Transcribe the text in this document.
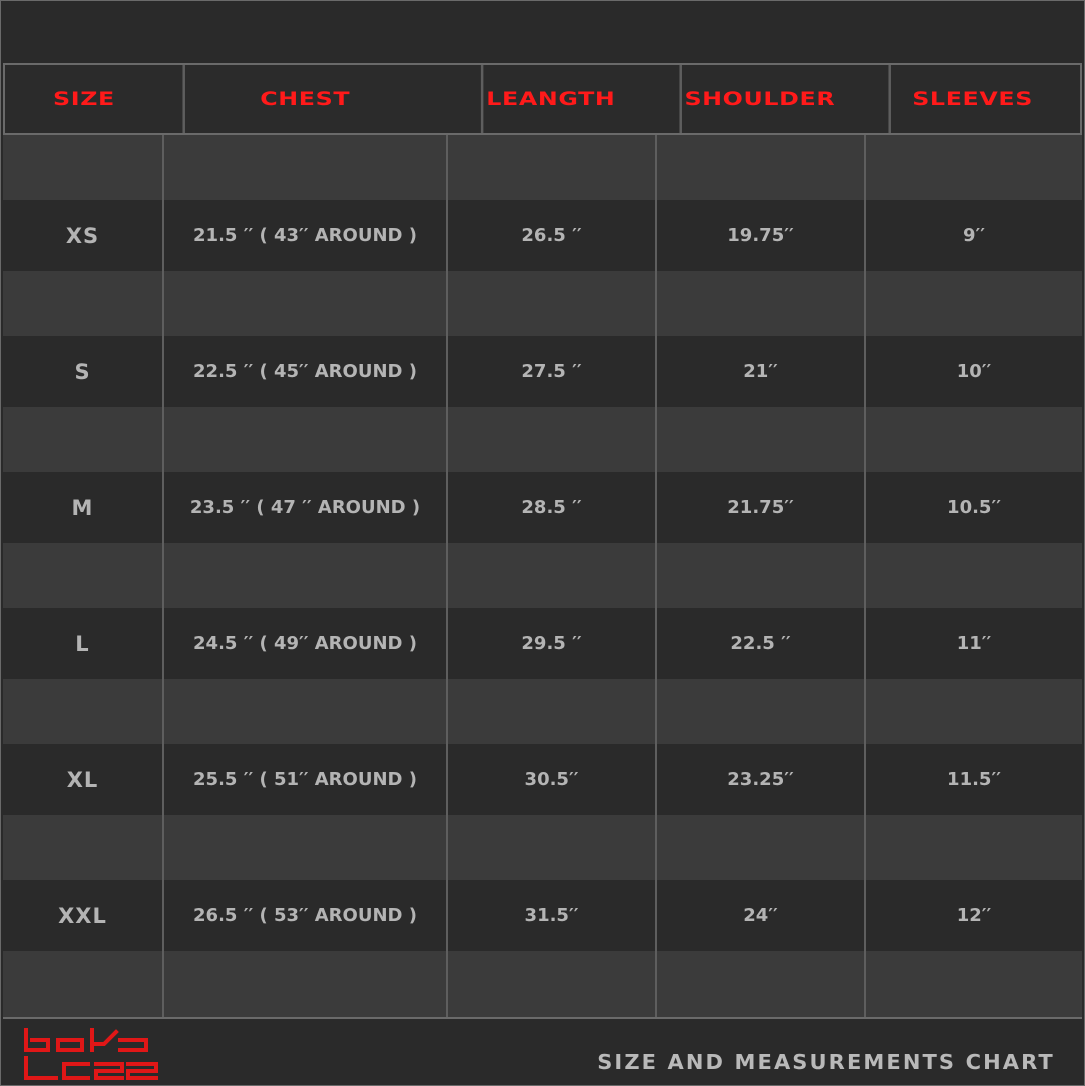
SIZE	CHEST	LEANGTH	SHOULDER	SLEEVES
XS	21.5 ′′ ( 43′′ AROUND )	26.5 ′′	19.75′′	9′′
S	22.5 ′′ ( 45′′ AROUND )	27.5 ′′	21′′	10′′
M	23.5 ′′ ( 47 ′′ AROUND )	28.5 ′′	21.75′′	10.5′′
L	24.5 ′′ ( 49′′ AROUND )	29.5 ′′	22.5 ′′	11′′
XL	25.5 ′′ ( 51′′ AROUND )	30.5′′	23.25′′	11.5′′
XXL	26.5 ′′ ( 53′′ AROUND )	31.5′′	24′′	12′′
SIZE AND MEASUREMENTS CHART
